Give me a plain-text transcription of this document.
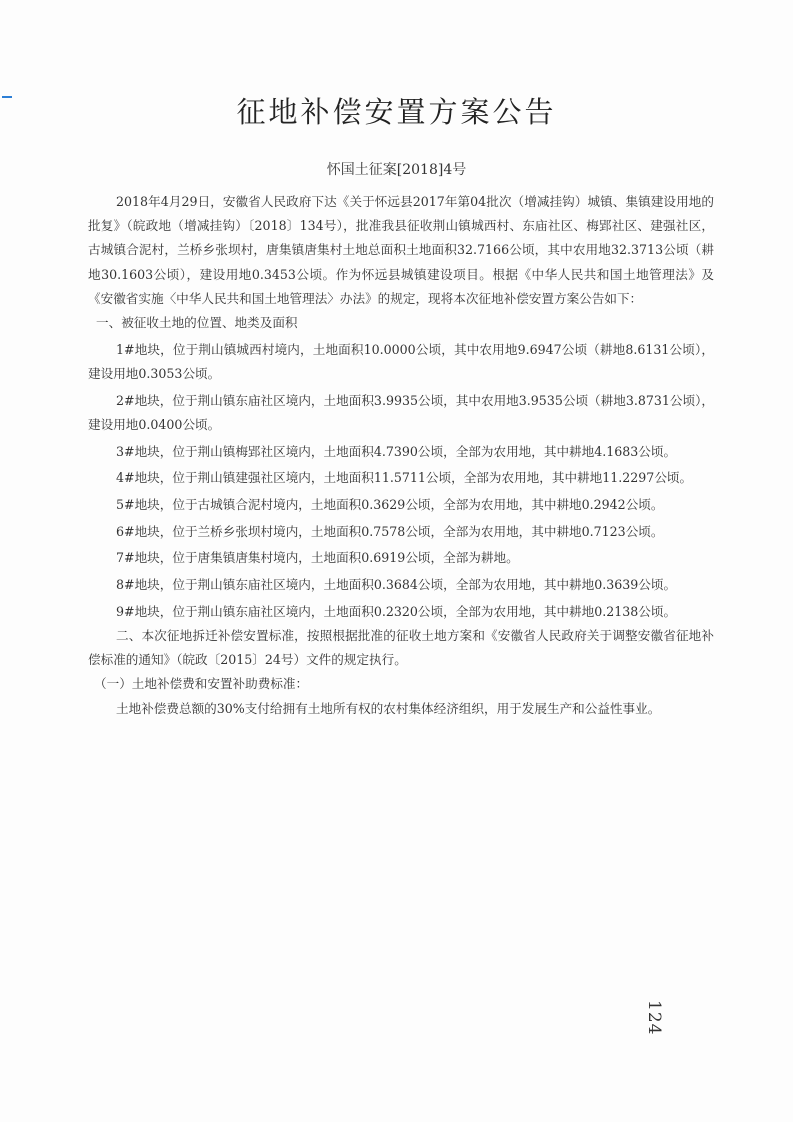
征地补偿安置方案公告
怀国土征案[2018]4号

2018年4月29日，安徽省人民政府下达《关于怀远县2017年第04批次（增减挂钩）城镇、集镇建设用地的批复》（皖政地（增减挂钩）〔2018〕134号），批准我县征收荆山镇城西村、东庙社区、梅郢社区、建强社区，古城镇合泥村，兰桥乡张坝村，唐集镇唐集村土地总面积土地面积32.7166公顷，其中农用地32.3713公顷（耕地30.1603公顷），建设用地0.3453公顷。作为怀远县城镇建设项目。根据《中华人民共和国土地管理法》及《安徽省实施〈中华人民共和国土地管理法〉办法》的规定，现将本次征地补偿安置方案公告如下：

一、被征收土地的位置、地类及面积

1#地块，位于荆山镇城西村境内，土地面积10.0000公顷，其中农用地9.6947公顷（耕地8.6131公顷），建设用地0.3053公顷。

2#地块，位于荆山镇东庙社区境内，土地面积3.9935公顷，其中农用地3.9535公顷（耕地3.8731公顷），建设用地0.0400公顷。

3#地块，位于荆山镇梅郢社区境内，土地面积4.7390公顷，全部为农用地，其中耕地4.1683公顷。

4#地块，位于荆山镇建强社区境内，土地面积11.5711公顷，全部为农用地，其中耕地11.2297公顷。

5#地块，位于古城镇合泥村境内，土地面积0.3629公顷，全部为农用地，其中耕地0.2942公顷。

6#地块，位于兰桥乡张坝村境内，土地面积0.7578公顷，全部为农用地，其中耕地0.7123公顷。

7#地块，位于唐集镇唐集村境内，土地面积0.6919公顷，全部为耕地。

8#地块，位于荆山镇东庙社区境内，土地面积0.3684公顷，全部为农用地，其中耕地0.3639公顷。

9#地块，位于荆山镇东庙社区境内，土地面积0.2320公顷，全部为农用地，其中耕地0.2138公顷。

二、本次征地拆迁补偿安置标准，按照根据批准的征收土地方案和《安徽省人民政府关于调整安徽省征地补偿标准的通知》（皖政〔2015〕24号）文件的规定执行。

（一）土地补偿费和安置补助费标准：

土地补偿费总额的30%支付给拥有土地所有权的农村集体经济组织，用于发展生产和公益性事业。

124
